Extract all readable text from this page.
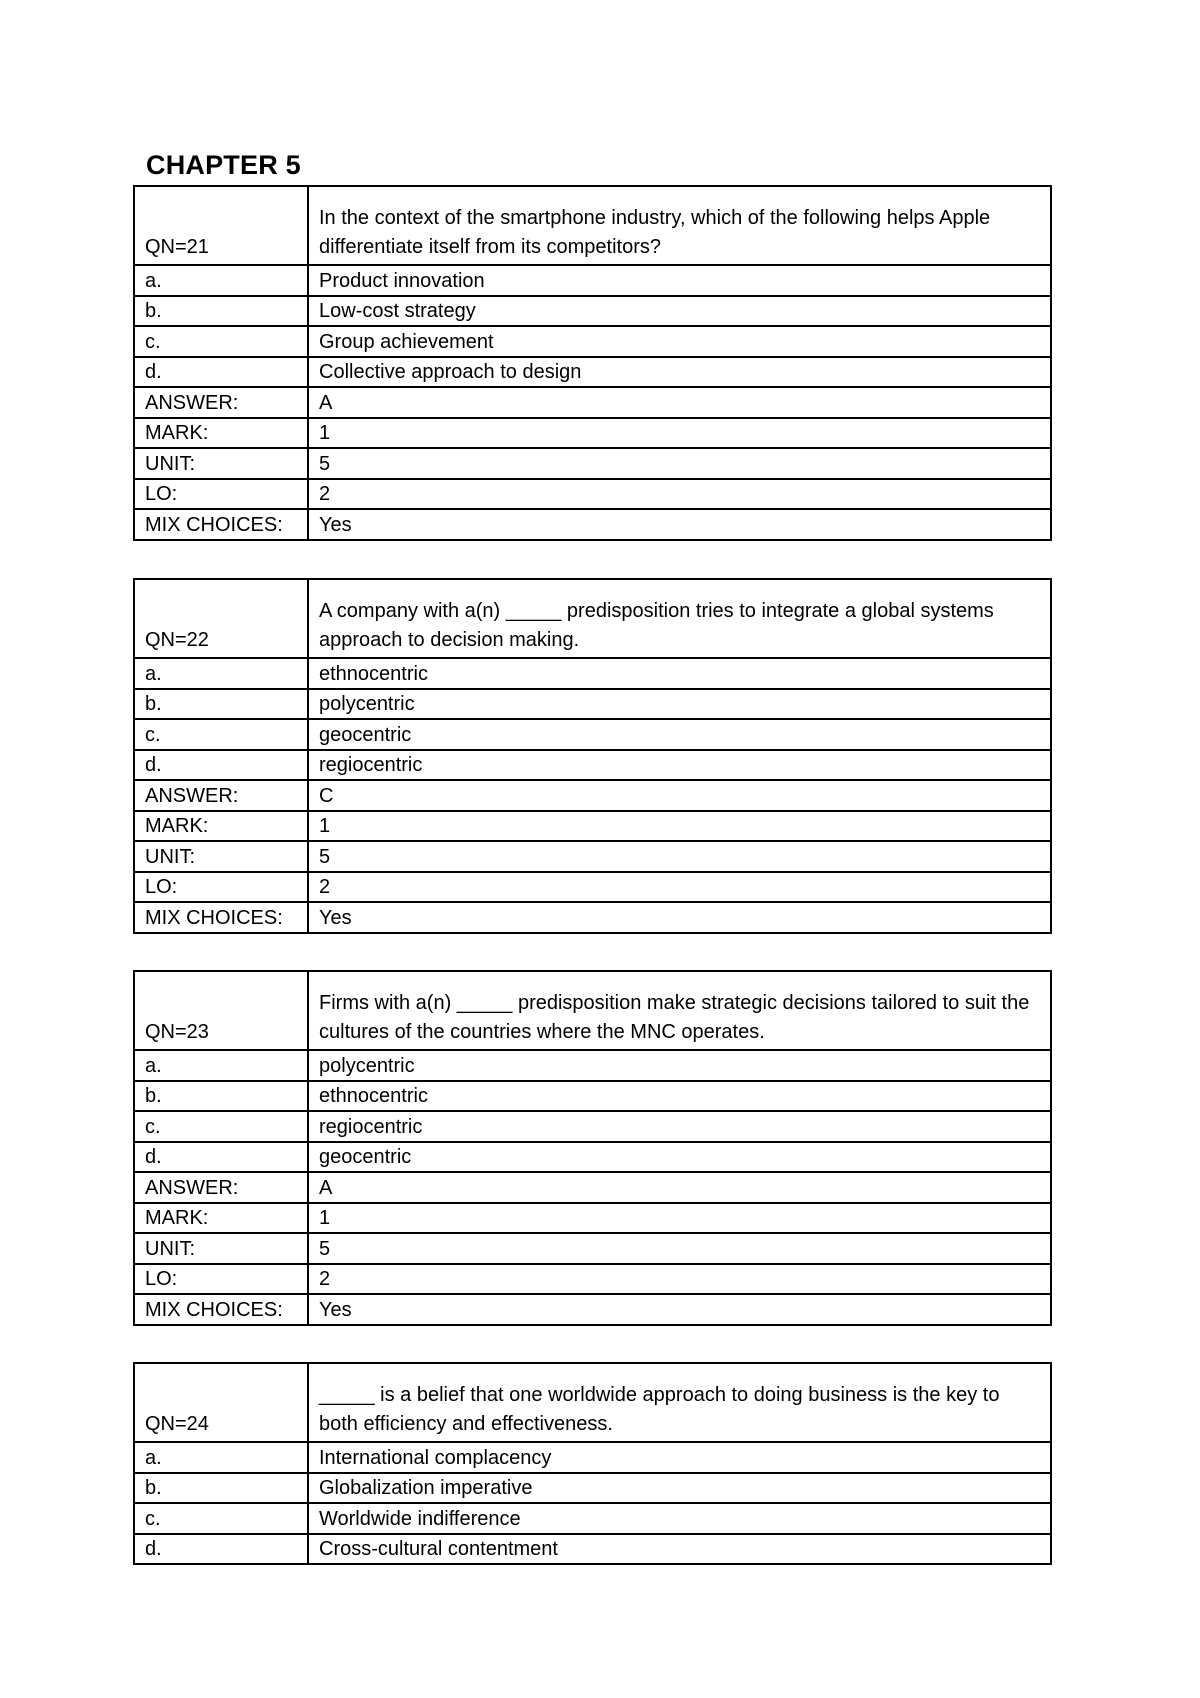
CHAPTER 5
QN=21	In the context of the smartphone industry, which of the following helps Apple differentiate itself from its competitors?
a.	Product innovation
b.	Low-cost strategy
c.	Group achievement
d.	Collective approach to design
ANSWER:	A
MARK:	1
UNIT:	5
LO:	2
MIX CHOICES:	Yes
QN=22	A company with a(n) _____ predisposition tries to integrate a global systems approach to decision making.
a.	ethnocentric
b.	polycentric
c.	geocentric
d.	regiocentric
ANSWER:	C
MARK:	1
UNIT:	5
LO:	2
MIX CHOICES:	Yes
QN=23	Firms with a(n) _____ predisposition make strategic decisions tailored to suit the cultures of the countries where the MNC operates.
a.	polycentric
b.	ethnocentric
c.	regiocentric
d.	geocentric
ANSWER:	A
MARK:	1
UNIT:	5
LO:	2
MIX CHOICES:	Yes
QN=24	_____ is a belief that one worldwide approach to doing business is the key to both efficiency and effectiveness.
a.	International complacency
b.	Globalization imperative
c.	Worldwide indifference
d.	Cross-cultural contentment
